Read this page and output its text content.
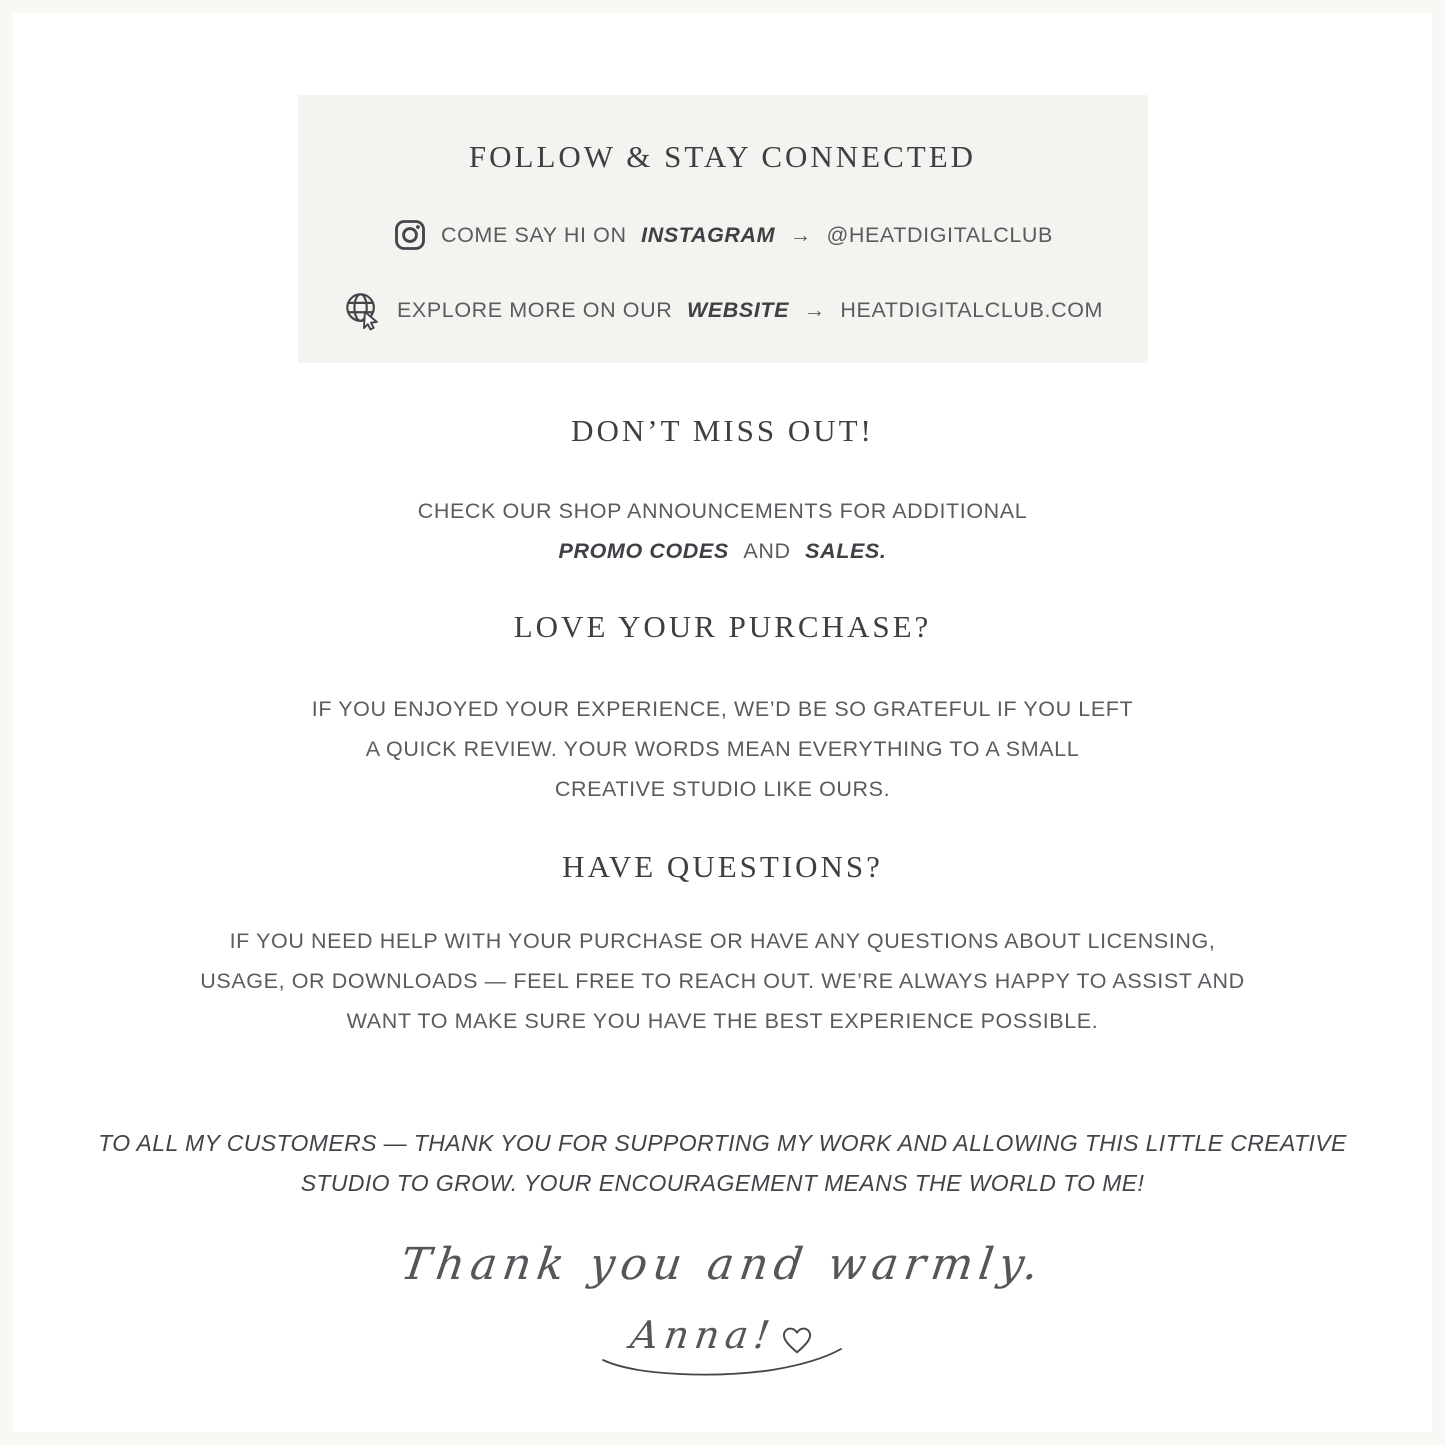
FOLLOW & STAY CONNECTED
COME SAY HI ON INSTAGRAM → @HEATDIGITALCLUB
EXPLORE MORE ON OUR WEBSITE → HEATDIGITALCLUB.COM
DON’T MISS OUT!

CHECK OUR SHOP ANNOUNCEMENTS FOR ADDITIONAL
PROMO CODES AND SALES.

LOVE YOUR PURCHASE?

IF YOU ENJOYED YOUR EXPERIENCE, WE’D BE SO GRATEFUL IF YOU LEFT
A QUICK REVIEW. YOUR WORDS MEAN EVERYTHING TO A SMALL
CREATIVE STUDIO LIKE OURS.

HAVE QUESTIONS?

IF YOU NEED HELP WITH YOUR PURCHASE OR HAVE ANY QUESTIONS ABOUT LICENSING,
USAGE, OR DOWNLOADS — FEEL FREE TO REACH OUT. WE’RE ALWAYS HAPPY TO ASSIST AND
WANT TO MAKE SURE YOU HAVE THE BEST EXPERIENCE POSSIBLE.

TO ALL MY CUSTOMERS — THANK YOU FOR SUPPORTING MY WORK AND ALLOWING THIS LITTLE CREATIVE
STUDIO TO GROW. YOUR ENCOURAGEMENT MEANS THE WORLD TO ME!
Thank you and warmly.
Anna!
